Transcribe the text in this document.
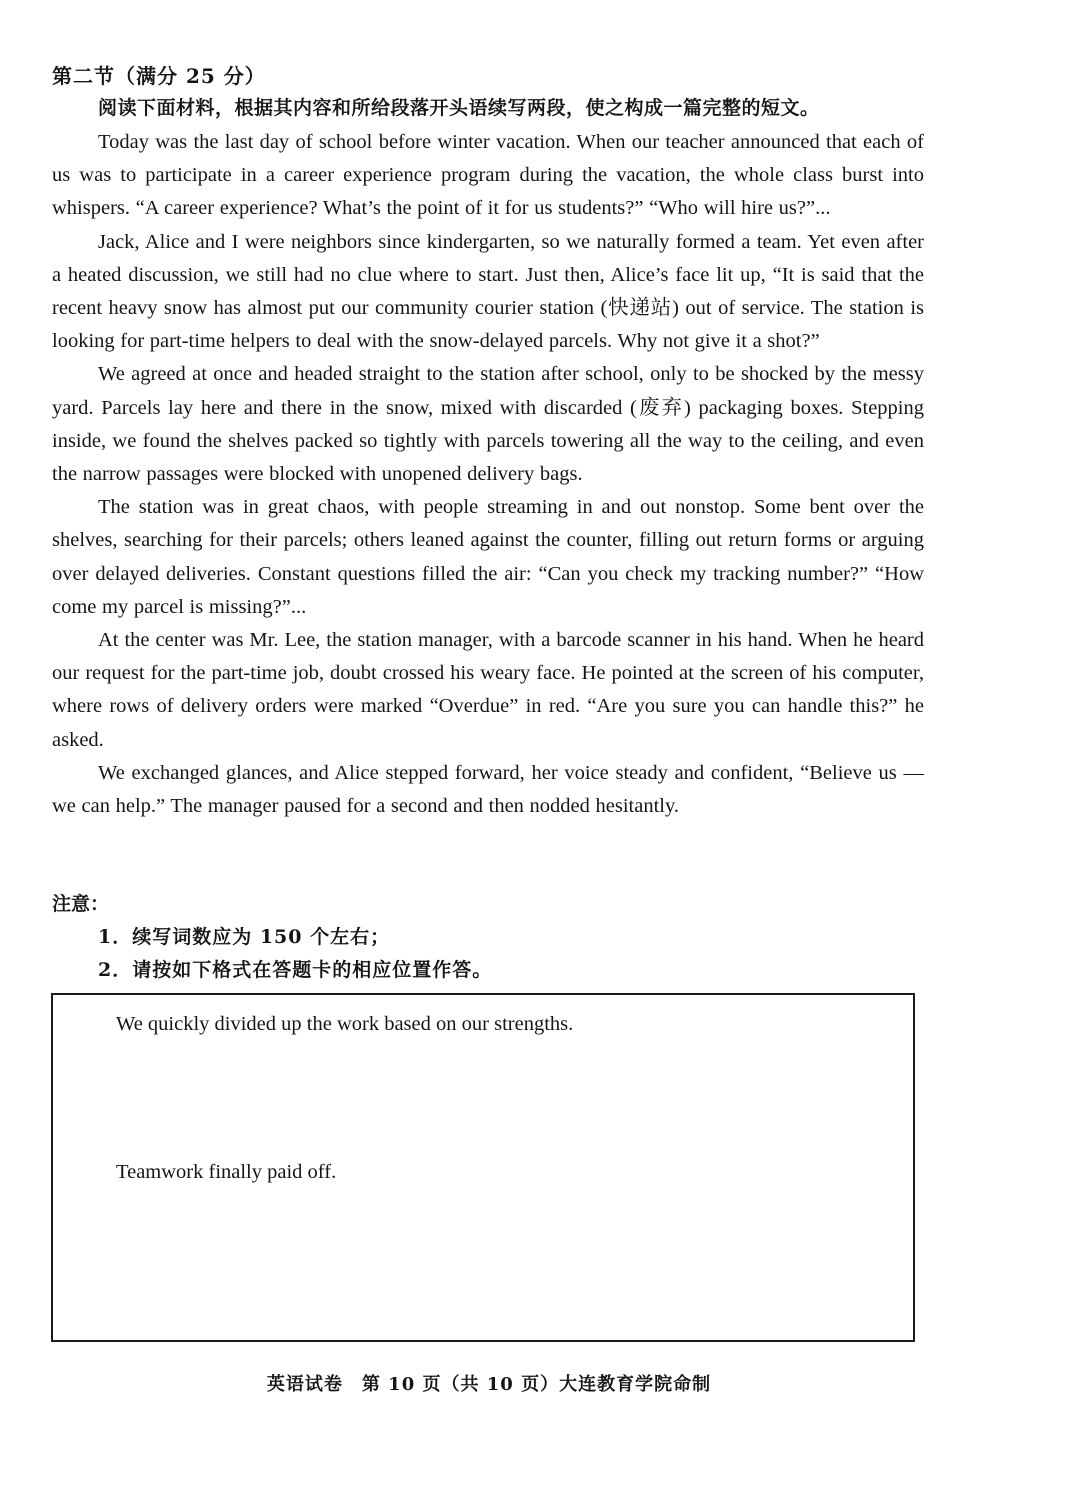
第二节（满分 25 分）
阅读下面材料，根据其内容和所给段落开头语续写两段，使之构成一篇完整的短文。

Today was the last day of school before winter vacation. When our teacher announced that each of us was to participate in a career experience program during the vacation, the whole class burst into whispers. “A career experience? What’s the point of it for us students?” “Who will hire us?”...

Jack, Alice and I were neighbors since kindergarten, so we naturally formed a team. Yet even after a heated discussion, we still had no clue where to start. Just then, Alice’s face lit up, “It is said that the recent heavy snow has almost put our community courier station (快递站) out of service. The station is looking for part-time helpers to deal with the snow-delayed parcels. Why not give it a shot?”

We agreed at once and headed straight to the station after school, only to be shocked by the messy yard. Parcels lay here and there in the snow, mixed with discarded (废弃) packaging boxes. Stepping inside, we found the shelves packed so tightly with parcels towering all the way to the ceiling, and even the narrow passages were blocked with unopened delivery bags.

The station was in great chaos, with people streaming in and out nonstop. Some bent over the shelves, searching for their parcels; others leaned against the counter, filling out return forms or arguing over delayed deliveries. Constant questions filled the air: “Can you check my tracking number?” “How come my parcel is missing?”...

At the center was Mr. Lee, the station manager, with a barcode scanner in his hand. When he heard our request for the part-time job, doubt crossed his weary face. He pointed at the screen of his computer, where rows of delivery orders were marked “Overdue” in red. “Are you sure you can handle this?” he asked.

We exchanged glances, and Alice stepped forward, her voice steady and confident, “Believe us — we can help.” The manager paused for a second and then nodded hesitantly.

注意：
1．续写词数应为 150 个左右；
2．请按如下格式在答题卡的相应位置作答。
We quickly divided up the work based on our strengths.
Teamwork finally paid off.
英语试卷　第 10 页（共 10 页）大连教育学院命制
